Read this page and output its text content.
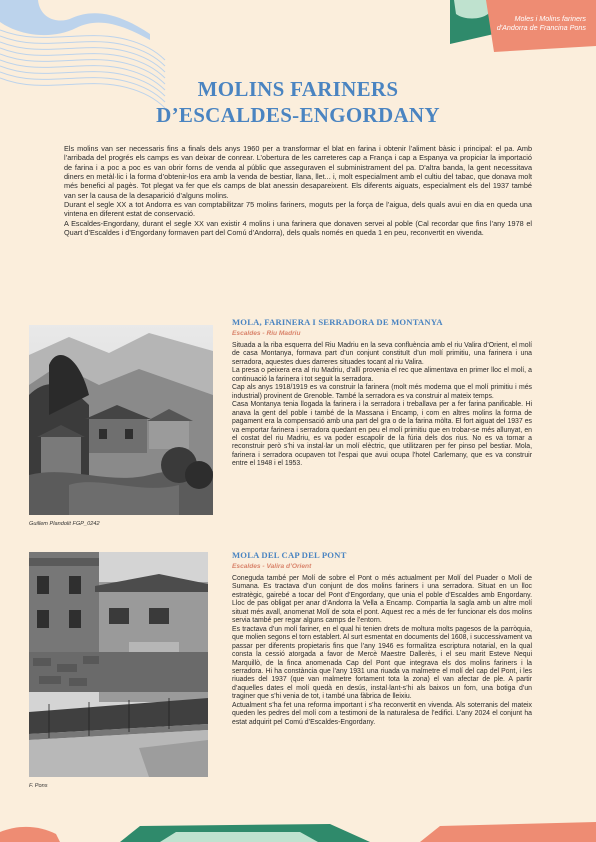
Moles i Molins fariners
d'Andorra de Francina Pons
MOLINS FARINERS
D’ESCALDES-ENGORDANY

Els molins van ser necessaris fins a finals dels anys 1960 per a transformar el blat en farina i obtenir l’aliment bàsic i principal: el pa. Amb l’arribada del progrés els camps es van deixar de conrear. L’obertura de les carreteres cap a França i cap a Espanya va propiciar la importació de farina i a poc a poc es van obrir forns de venda al públic que asseguraven el subministrament del pa. D’altra banda, la gent necessitava diners en metàl·lic i la forma d’obtenir-los era amb la venda de bestiar, llana, llet... i, molt especialment amb el cultiu del tabac, que donava molt més benefici al pagès. Tot plegat va fer que els camps de blat anessin desapareixent. Els diferents aiguats, especialment els del 1937 també van ser la causa de la desaparició d’alguns molins.

Durant el segle XX a tot Andorra es van comptabilitzar 75 molins fariners, moguts per la força de l’aigua, dels quals avui en dia en queda una vintena en diferent estat de conservació.

A Escaldes-Engordany, durant el segle XX van existir 4 molins i una farinera que donaven servei al poble (Cal recordar que fins l’any 1978 el Quart d’Escaldes i d’Engordany formaven part del Comú d’Andorra), dels quals només en queda 1 en peu, reconvertit en vivenda.

Guillem Plandolit FGP_0242
MOLA, FARINERA I SERRADORA DE MONTANYA
Escaldes - Riu Madriu

Situada a la riba esquerra del Riu Madriu en la seva confluència amb el riu Valira d’Orient, el molí de casa Montanya, formava part d’un conjunt constituït d’un molí primitiu, una farinera i una serradora, aquestes dues darreres situades tocant al riu Valira.

La presa o peixera era al riu Madriu, d’allí provenia el rec que alimentava en primer lloc el molí, a continuació la farinera i tot seguit la serradora.

Cap als anys 1918/1919 es va construir la farinera (molt més moderna que el molí primitiu i més industrial) provinent de Grenoble. També la serradora es va construir al mateix temps.

Casa Montanya tenia llogada la farinera i la serradora i treballava per a fer farina panificable. Hi anava la gent del poble i també de la Massana i Encamp, i com en altres molins la forma de pagament era la compensació amb una part del gra o de la farina mòlta. El fort aiguat del 1937 es va emportar farinera i serradora quedant en peu el molí primitiu que en trobar-se més allunyat, en el costat del riu Madriu, es va poder escapolir de la fúria dels dos rius. No es va tornar a reconstruir però s’hi va instal·lar un molí elèctric, que utilitzaren per fer pinso pel bestiar. Mola, farinera i serradora ocupaven tot l’espai que avui ocupa l’hotel Carlemany, que es va construir entre el 1948 i el 1953.

F. Pons
MOLA DEL CAP DEL PONT
Escaldes - Valira d’Orient

Coneguda també per Molí de sobre el Pont o més actualment per Molí del Puader o Molí de Sumana. Es tractava d’un conjunt de dos molins fariners i una serradora. Situat en un lloc estratègic, gairebé a tocar del Pont d’Engordany, que unia el poble d’Escaldes amb Engordany. Lloc de pas obligat per anar d’Andorra la Vella a Encamp. Compartia la sagla amb un altre molí situat més avall, anomenat Molí de sota el pont. Aquest rec a més de fer funcionar els dos molins servia també per regar alguns camps de l’entorn.

Es tractava d’un molí fariner, en el qual hi tenien drets de moltura molts pagesos de la parròquia, que molien segons el torn establert. Al surt esmentat en documents del 1608, i successivament va passar per diferents propietaris fins que l’any 1946 es formalitza escriptura notarial, en la qual consta la cessió atorgada a favor de Mercè Maestre Dallerès, i el seu marit Esteve Nequi Marquillò, de la finca anomenada Cap del Pont que integrava els dos molins fariners i la serradora. Hi ha constància que l’any 1931 una riuada va malmetre el molí del cap del Pont, i les riuades del 1937 (que van malmetre fortament tota la zona) el van afectar de ple. A partir d’aquelles dates el molí quedà en desús, instal·lant-s’hi als baixos un forn, una botiga d’un traginer que s’hi venia de tot, i també una fàbrica de lleixiu.

Actualment s’ha fet una reforma important i s’ha reconvertit en vivenda. Als soterranis del mateix queden les pedres del molí com a testimoni de la naturalesa de l’edifici. L’any 2024 el conjunt ha estat adquirit pel Comú d’Escaldes-Engordany.
